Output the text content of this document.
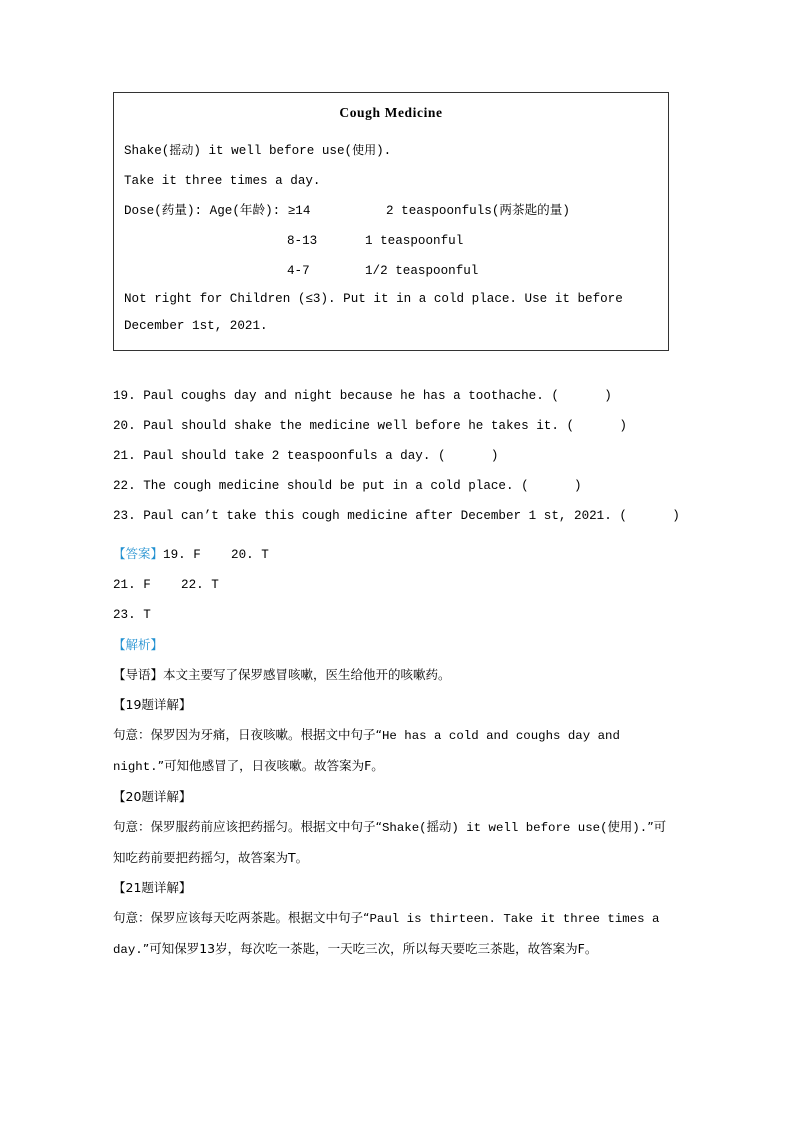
Cough Medicine
Shake(摇动) it well before use(使用).
Take it three times a day.
Dose(药量): Age(年龄): ≥14	2 teaspoonfuls(两茶匙的量)
8-13	1 teaspoonful
4-7	1/2 teaspoonful
Not right for Children (≤3). Put it in a cold place. Use it before December 1st, 2021.
19. Paul coughs day and night because he has a toothache. (      )
20. Paul should shake the medicine well before he takes it. (      )
21. Paul should take 2 teaspoonfuls a day. (      )
22. The cough medicine should be put in a cold place. (      )
23. Paul can’t take this cough medicine after December 1 st, 2021. (      )
【答案】19. F    20. T
21. F    22. T
23. T
【解析】
【导语】本文主要写了保罗感冒咳嗽，医生给他开的咳嗽药。
【19题详解】
句意：保罗因为牙痛，日夜咳嗽。根据文中句子“He has a cold and coughs day and night.”可知他感冒了，日夜咳嗽。故答案为F。
【20题详解】
句意：保罗服药前应该把药摇匀。根据文中句子“Shake(摇动) it well before use(使用).”可知吃药前要把药摇匀，故答案为T。
【21题详解】
句意：保罗应该每天吃两茶匙。根据文中句子“Paul is thirteen. Take it three times a day.”可知保罗13岁，每次吃一茶匙，一天吃三次，所以每天要吃三茶匙，故答案为F。
